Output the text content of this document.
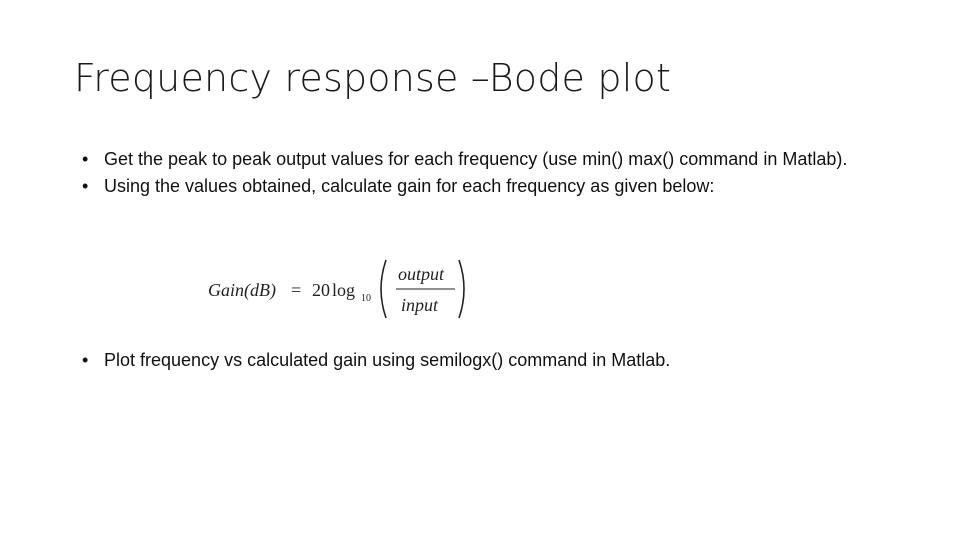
Frequency response –Bode plot
• Get the peak to peak output values for each frequency (use min() max() command in Matlab).
• Using the values obtained, calculate gain for each frequency as given below:
Gain(dB) = 20 log 10
output
input
• Plot frequency vs calculated gain using semilogx() command in Matlab.
